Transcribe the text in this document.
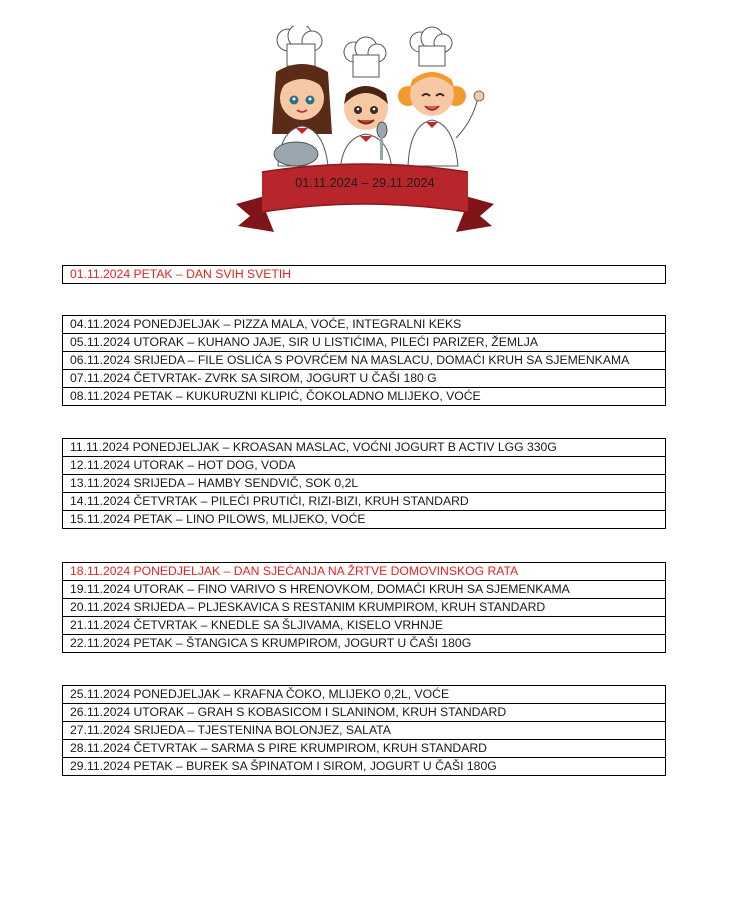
01.11.2024 – 29.11.2024
01.11.2024 PETAK – DAN SVIH SVETIH
04.11.2024 PONEDJELJAK – PIZZA MALA, VOĆE, INTEGRALNI KEKS
05.11.2024 UTORAK – KUHANO JAJE, SIR U LISTIĆIMA, PILEĆI PARIZER, ŽEMLJA
06.11.2024 SRIJEDA – FILE OSLIĆA S POVRĆEM NA MASLACU, DOMAĆI KRUH SA SJEMENKAMA
07.11.2024 ČETVRTAK- ZVRK SA SIROM, JOGURT U ČAŠI 180 G
08.11.2024 PETAK – KUKURUZNI KLIPIĆ, ČOKOLADNO MLIJEKO, VOĆE
11.11.2024 PONEDJELJAK – KROASAN MASLAC, VOĆNI JOGURT B ACTIV LGG 330G
12.11.2024 UTORAK – HOT DOG, VODA
13.11.2024 SRIJEDA – HAMBY SENDVIČ, SOK 0,2L
14.11.2024 ČETVRTAK – PILEĆI PRUTIĆI, RIZI-BIZI, KRUH STANDARD
15.11.2024 PETAK – LINO PILOWS, MLIJEKO, VOĆE
18.11.2024 PONEDJELJAK – DAN SJEĆANJA NA ŽRTVE DOMOVINSKOG RATA
19.11.2024 UTORAK – FINO VARIVO S HRENOVKOM, DOMAĆI KRUH SA SJEMENKAMA
20.11.2024 SRIJEDA – PLJESKAVICA S RESTANIM KRUMPIROM, KRUH STANDARD
21.11.2024 ČETVRTAK – KNEDLE SA ŠLJIVAMA, KISELO VRHNJE
22.11.2024 PETAK – ŠTANGICA S KRUMPIROM, JOGURT U ČAŠI 180G
25.11.2024 PONEDJELJAK – KRAFNA ČOKO, MLIJEKO 0,2L, VOĆE
26.11.2024 UTORAK – GRAH S KOBASICOM I SLANINOM, KRUH STANDARD
27.11.2024 SRIJEDA – TJESTENINA BOLONJEZ, SALATA
28.11.2024 ČETVRTAK – SARMA S PIRE KRUMPIROM, KRUH STANDARD
29.11.2024 PETAK – BUREK SA ŠPINATOM I SIROM, JOGURT U ČAŠI 180G
